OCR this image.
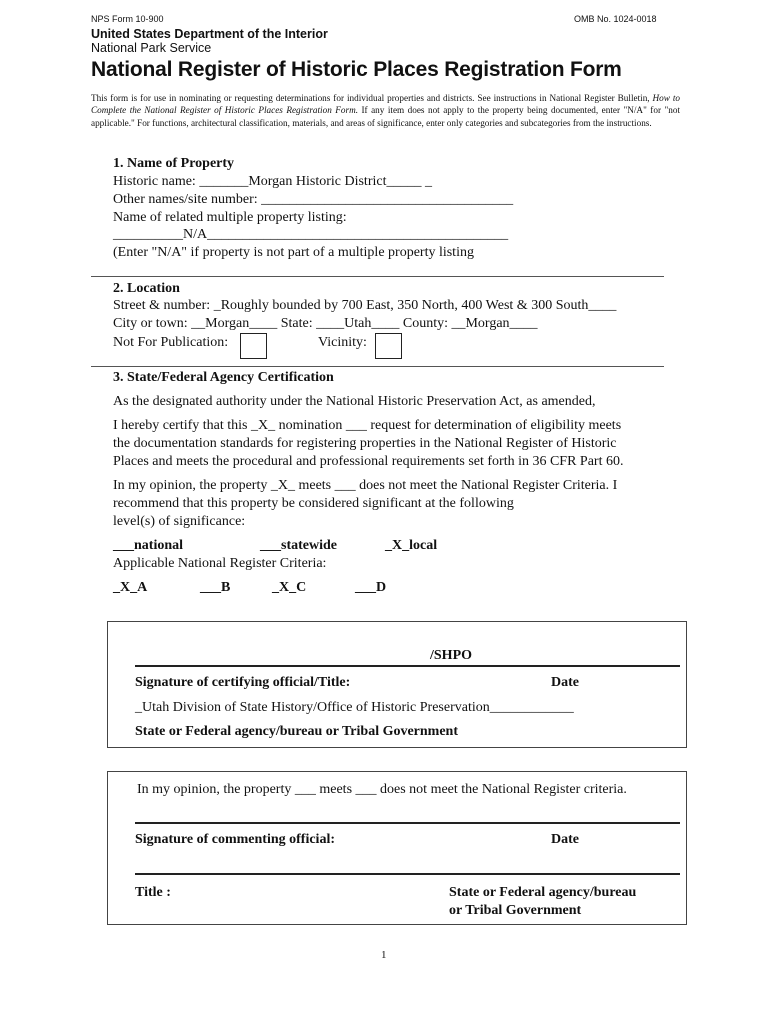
NPS Form 10-900	OMB No. 1024-0018
United States Department of the Interior
National Park Service
National Register of Historic Places Registration Form
This form is for use in nominating or requesting determinations for individual properties and districts. See instructions in National Register Bulletin, How to Complete the National Register of Historic Places Registration Form. If any item does not apply to the property being documented, enter "N/A" for "not applicable." For functions, architectural classification, materials, and areas of significance, enter only categories and subcategories from the instructions.
1. Name of Property
Historic name: _______Morgan Historic District_____ _
Other names/site number: ____________________________________
Name of related multiple property listing:
__________N/A___________________________________________
(Enter "N/A" if property is not part of a multiple property listing
2. Location
Street & number: _Roughly bounded by 700 East, 350 North, 400 West & 300 South____
City or town: __Morgan____ State: ____Utah____ County: __Morgan____
Not For Publication:	Vicinity:
3. State/Federal Agency Certification
As the designated authority under the National Historic Preservation Act, as amended,
I hereby certify that this _X_ nomination ___ request for determination of eligibility meets
the documentation standards for registering properties in the National Register of Historic
Places and meets the procedural and professional requirements set forth in 36 CFR Part 60.
In my opinion, the property _X_ meets ___ does not meet the National Register Criteria. I
recommend that this property be considered significant at the following
level(s) of significance:
___national	___statewide	_X_local
Applicable National Register Criteria:
_X_A	___B	_X_C	___D
/SHPO
Signature of certifying official/Title:	Date
_Utah Division of State History/Office of Historic Preservation____________
State or Federal agency/bureau or Tribal Government
In my opinion, the property ___ meets ___ does not meet the National Register criteria.
Signature of commenting official:	Date
Title :	State or Federal agency/bureau
or Tribal Government
1
